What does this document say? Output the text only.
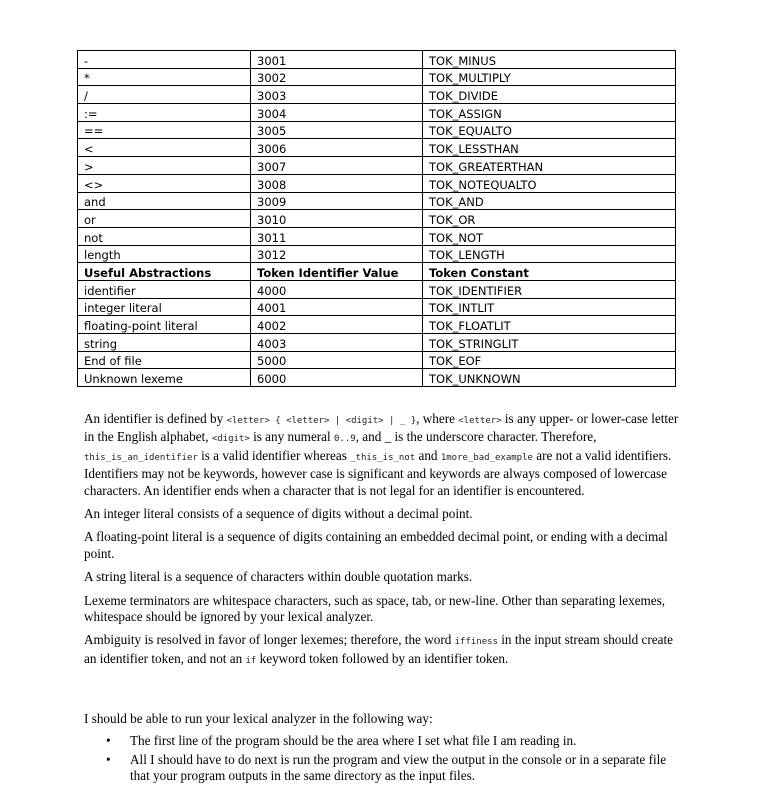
-	3001	TOK_MINUS
*	3002	TOK_MULTIPLY
/	3003	TOK_DIVIDE
:=	3004	TOK_ASSIGN
==	3005	TOK_EQUALTO
<	3006	TOK_LESSTHAN
>	3007	TOK_GREATERTHAN
<>	3008	TOK_NOTEQUALTO
and	3009	TOK_AND
or	3010	TOK_OR
not	3011	TOK_NOT
length	3012	TOK_LENGTH
Useful Abstractions	Token Identifier Value	Token Constant
identifier	4000	TOK_IDENTIFIER
integer literal	4001	TOK_INTLIT
floating-point literal	4002	TOK_FLOATLIT
string	4003	TOK_STRINGLIT
End of file	5000	TOK_EOF
Unknown lexeme	6000	TOK_UNKNOWN

An identifier is defined by <letter> { <letter> | <digit> | _ }, where <letter> is any upper- or lower-case letter in the English alphabet, <digit> is any numeral 0..9, and _ is the underscore character. Therefore, this_is_an_identifier is a valid identifier whereas _this_is_not and 1more_bad_example are not a valid identifiers. Identifiers may not be keywords, however case is significant and keywords are always composed of lowercase characters. An identifier ends when a character that is not legal for an identifier is encountered.

An integer literal consists of a sequence of digits without a decimal point.

A floating-point literal is a sequence of digits containing an embedded decimal point, or ending with a decimal point.

A string literal is a sequence of characters within double quotation marks.

Lexeme terminators are whitespace characters, such as space, tab, or new-line. Other than separating lexemes, whitespace should be ignored by your lexical analyzer.

Ambiguity is resolved in favor of longer lexemes; therefore, the word iffiness in the input stream should create an identifier token, and not an if keyword token followed by an identifier token.

I should be able to run your lexical analyzer in the following way:

• The first line of the program should be the area where I set what file I am reading in.
• All I should have to do next is run the program and view the output in the console or in a separate file that your program outputs in the same directory as the input files.
